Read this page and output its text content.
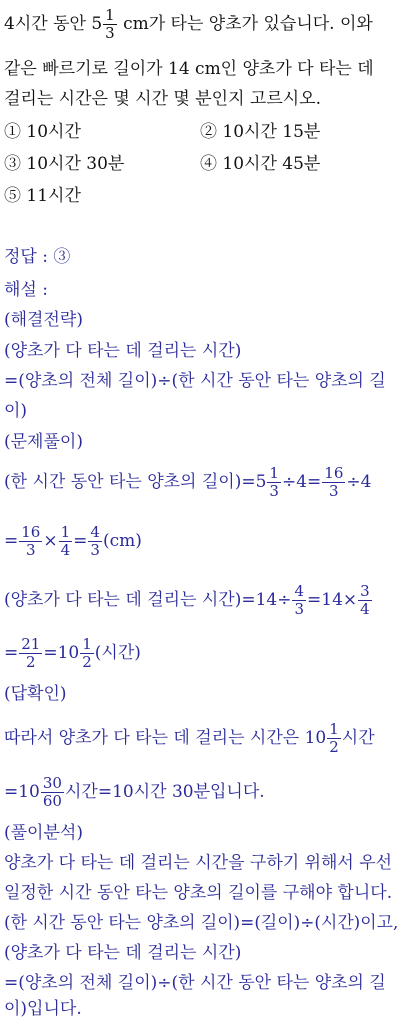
4시간 동안 $5 \frac{1}{3}$ cm가 타는 양초가 있습니다. 이와
같은 빠르기로 길이가 14 cm인 양초가 다 타는 데
걸리는 시간은 몇 시간 몇 분인지 고르시오.
① 10시간	② 10시간 15분
③ 10시간 30분	④ 10시간 45분
⑤ 11시간
정답 : ③
해설 :
(해결전략)
(양초가 다 타는 데 걸리는 시간)
=(양초의 전체 길이)÷(한 시간 동안 타는 양초의 길
이)
(문제풀이)
(한 시간 동안 타는 양초의 길이)$=5 \frac{1}{3} \div 4= \frac{16}{3} \div 4$
= $\frac{16}{3} \times \frac{1}{4} = \frac{4}{3} (cm)$
(양초가 다 타는 데 걸리는 시간)$=14\div \frac{4}{3} =14\times \frac{3}{4}$
= $\frac{21}{2} =10 \frac{1}{2}$ (시간)
(답확인)
따라서 양초가 다 타는 데 걸리는 시간은 $10 \frac{1}{2}$ 시간
$=10 \frac{30}{60}$ 시간=10시간 30분입니다.
(풀이분석)
양초가 다 타는 데 걸리는 시간을 구하기 위해서 우선
일정한 시간 동안 타는 양초의 길이를 구해야 합니다.
(한 시간 동안 타는 양초의 길이)=(길이)÷(시간)이고,
(양초가 다 타는 데 걸리는 시간)
=(양초의 전체 길이)÷(한 시간 동안 타는 양초의 길
이)입니다.
